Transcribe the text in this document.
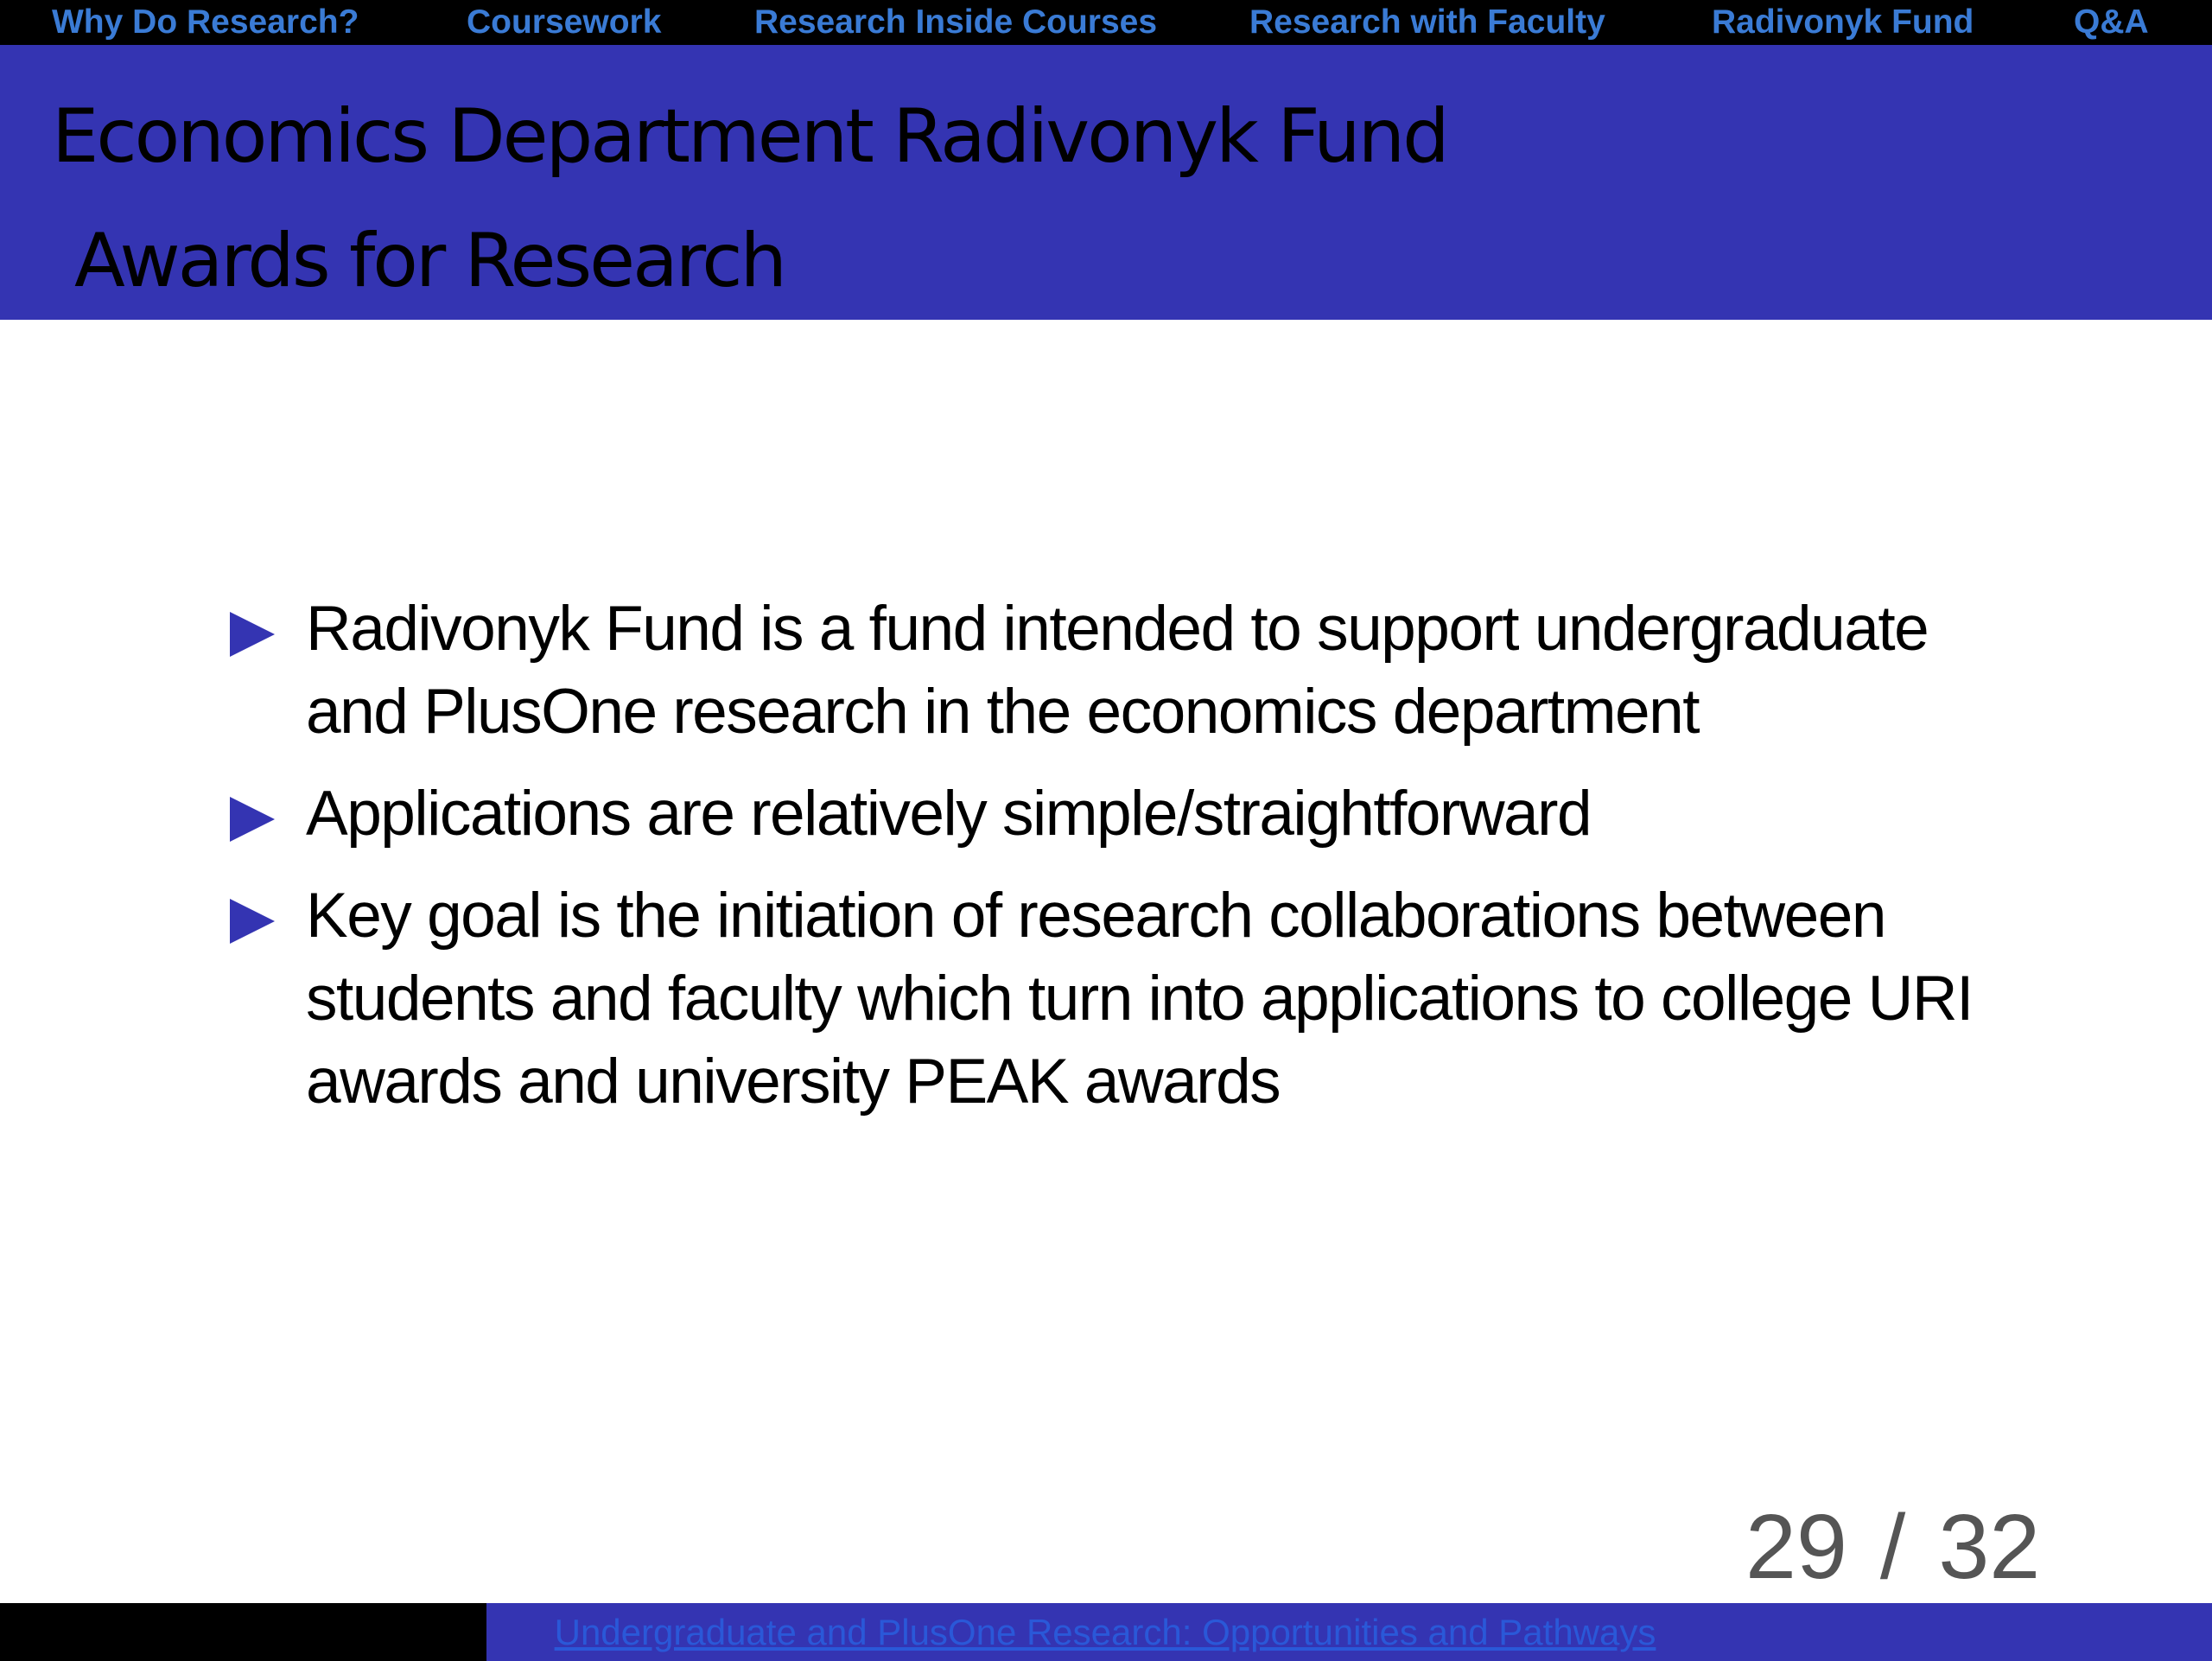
Why Do Research?	Coursework	Research Inside Courses	Research with Faculty	Radivonyk Fund	Q&A
Economics Department Radivonyk Fund
Awards for Research
Radivonyk Fund is a fund intended to support undergraduate and PlusOne research in the economics department
Applications are relatively simple/straightforward
Key goal is the initiation of research collaborations between students and faculty which turn into applications to college URI awards and university PEAK awards
29 / 32
Undergraduate and PlusOne Research: Opportunities and Pathways
